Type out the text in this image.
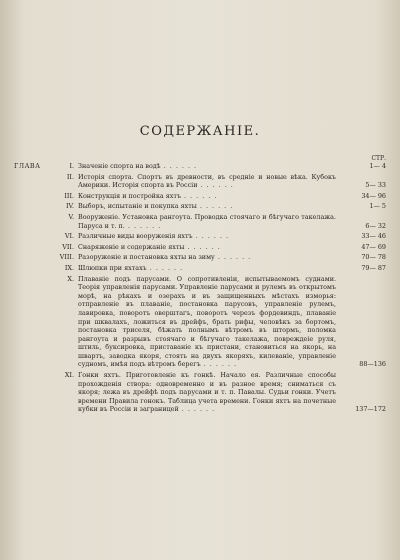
СОДЕРЖАНІЕ.
СТР.
ГЛАВА	I. Значеніе спорта на водѣ . . . . . .	1— 4
II. Исторія спорта. Спортъ въ древности, въ средніе и новые вѣка. Кубокъ Америки. Исторія спорта въ Россіи . . . . . .	5— 33
III. Конструкція и постройка яхтъ . . . . . .	34— 96
IV. Выборъ, испытаніе и покупка яхты . . . . . .	1— 5
V. Вооруженіе. Установка рангоута. Проводка стоячаго и бѣгучаго такелажа. Паруса и т. п. . . . . . .	6— 32
VI. Различные виды вооруженія яхтъ . . . . . .	33— 46
VII. Снаряженіе и содержаніе яхты . . . . . .	47— 69
VIII. Разоруженіе и постановка яхты на зиму . . . . . .	70— 78
IX. Шлюпки при яхтахъ . . . . . .	79— 87
X. Плаваніе подъ парусами. О сопротивленіи, испытываемомъ суднами. Теорія управленія парусами. Управленіе парусами и рулемъ въ открытомъ морѣ, на рѣкахъ и озерахъ и въ защищенныхъ мѣстахъ изморья: отправленіе въ плаваніе, постановка парусовъ, управленіе рулемъ, лавировка, поворотъ оверштагъ, поворотъ черезъ фордевиндъ, плаваніе при шквалахъ, ложиться въ дрейфъ, брать рифы, человѣкъ за бортомъ, постановка триселя, бѣжать полнымъ вѣтромъ въ штормъ, поломка рангоута и разрывъ стоячаго и бѣгучаго такелажа, повреждеіе руля, штиль, буксировка, приставаніе къ пристани, становиться на якорь, на швартъ, заводка якоря, стоять на двухъ якоряхъ, килеваніе, управленіе судномъ, имѣя подъ вѣтромъ берегъ . . . . . .	88—136
XI. Гонки яхтъ. Приготовленіе къ гонкѣ. Начало ея. Различные способы прохожденія створа: одновременно и въ разное время; сниматься съ якоря; лежа въ дрейфѣ подъ парусами и т. п. Павалы. Судьи гонки. Учетъ времени Правила гонокъ. Таблица учета времени. Гонки яхтъ на почетные кубки въ Россіи и заграницей . . . . . .	137—172
